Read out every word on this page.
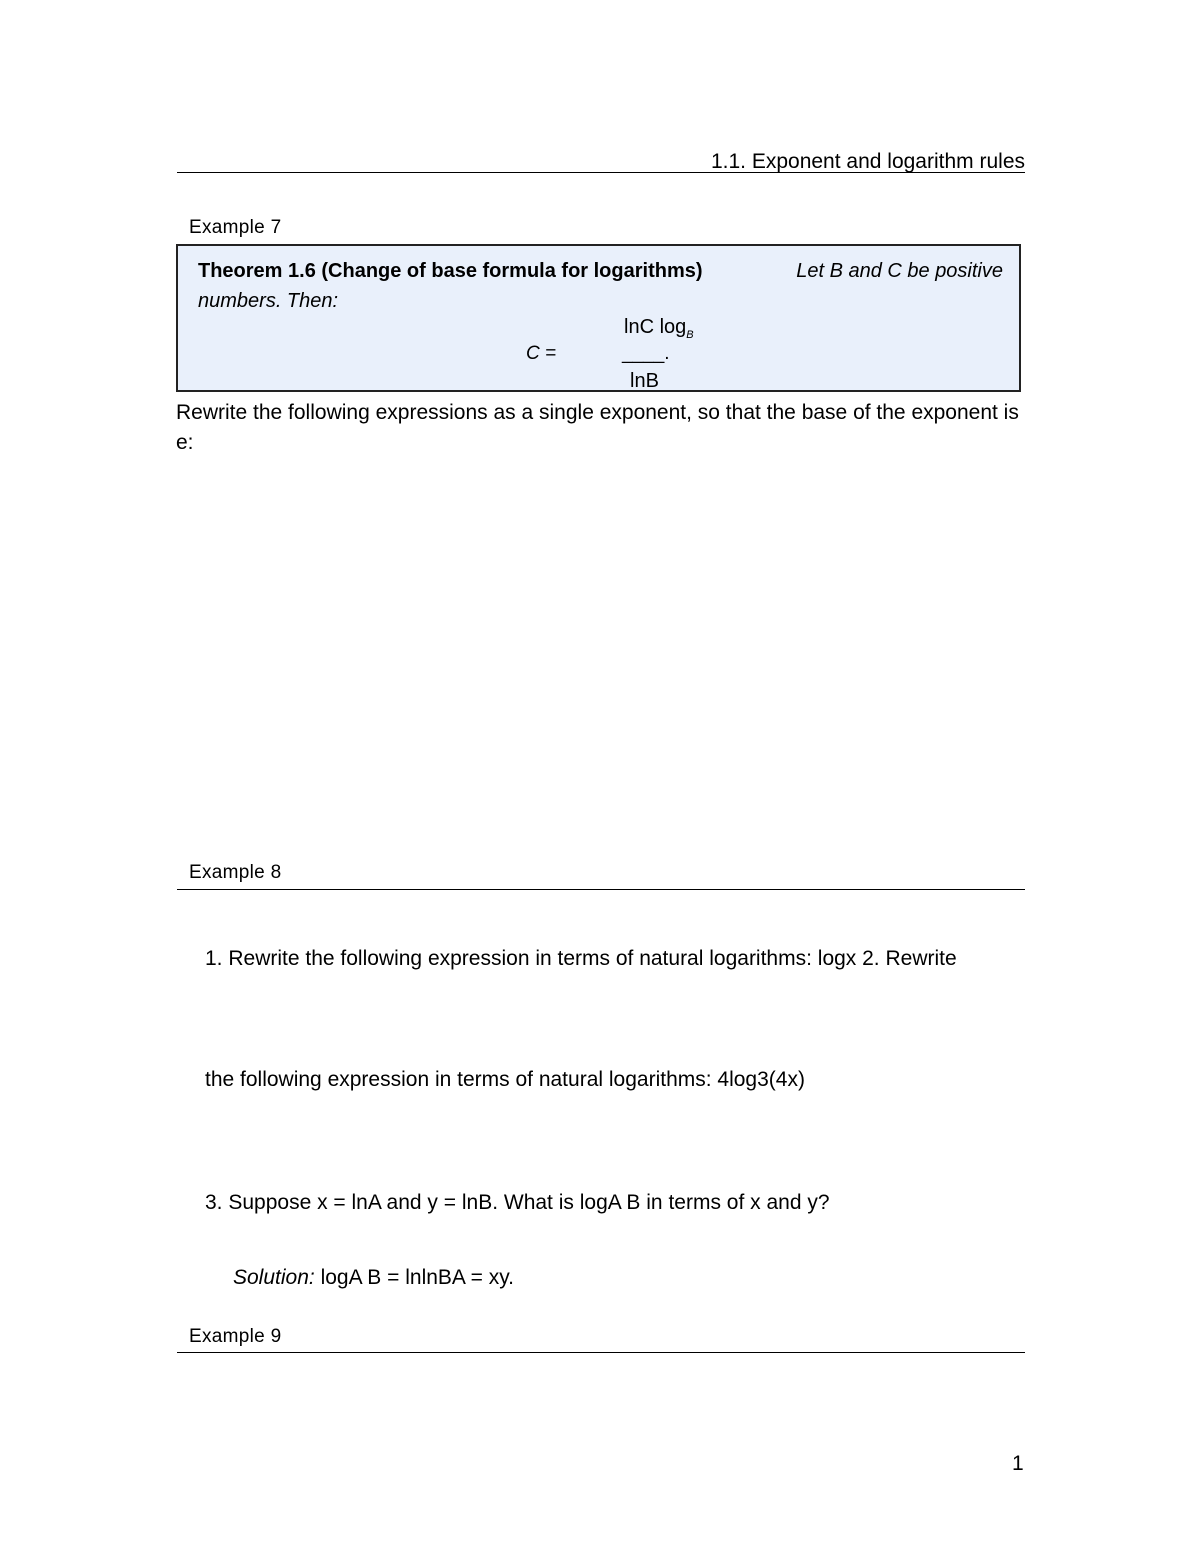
1.1. Exponent and logarithm rules
Example 7
Theorem 1.6 (Change of base formula for logarithms)	Let B and C be positive
numbers. Then:
lnC $\log_B$
C =	____.
lnB
Rewrite the following expressions as a single exponent, so that the base of the exponent is e:
Example 8
1. Rewrite the following expression in terms of natural logarithms: logx 2. Rewrite
the following expression in terms of natural logarithms: 4log3(4x)
3. Suppose x = lnA and y = lnB. What is logA B in terms of x and y?
Solution: logA B = lnlnBA = xy.
Example 9
1
